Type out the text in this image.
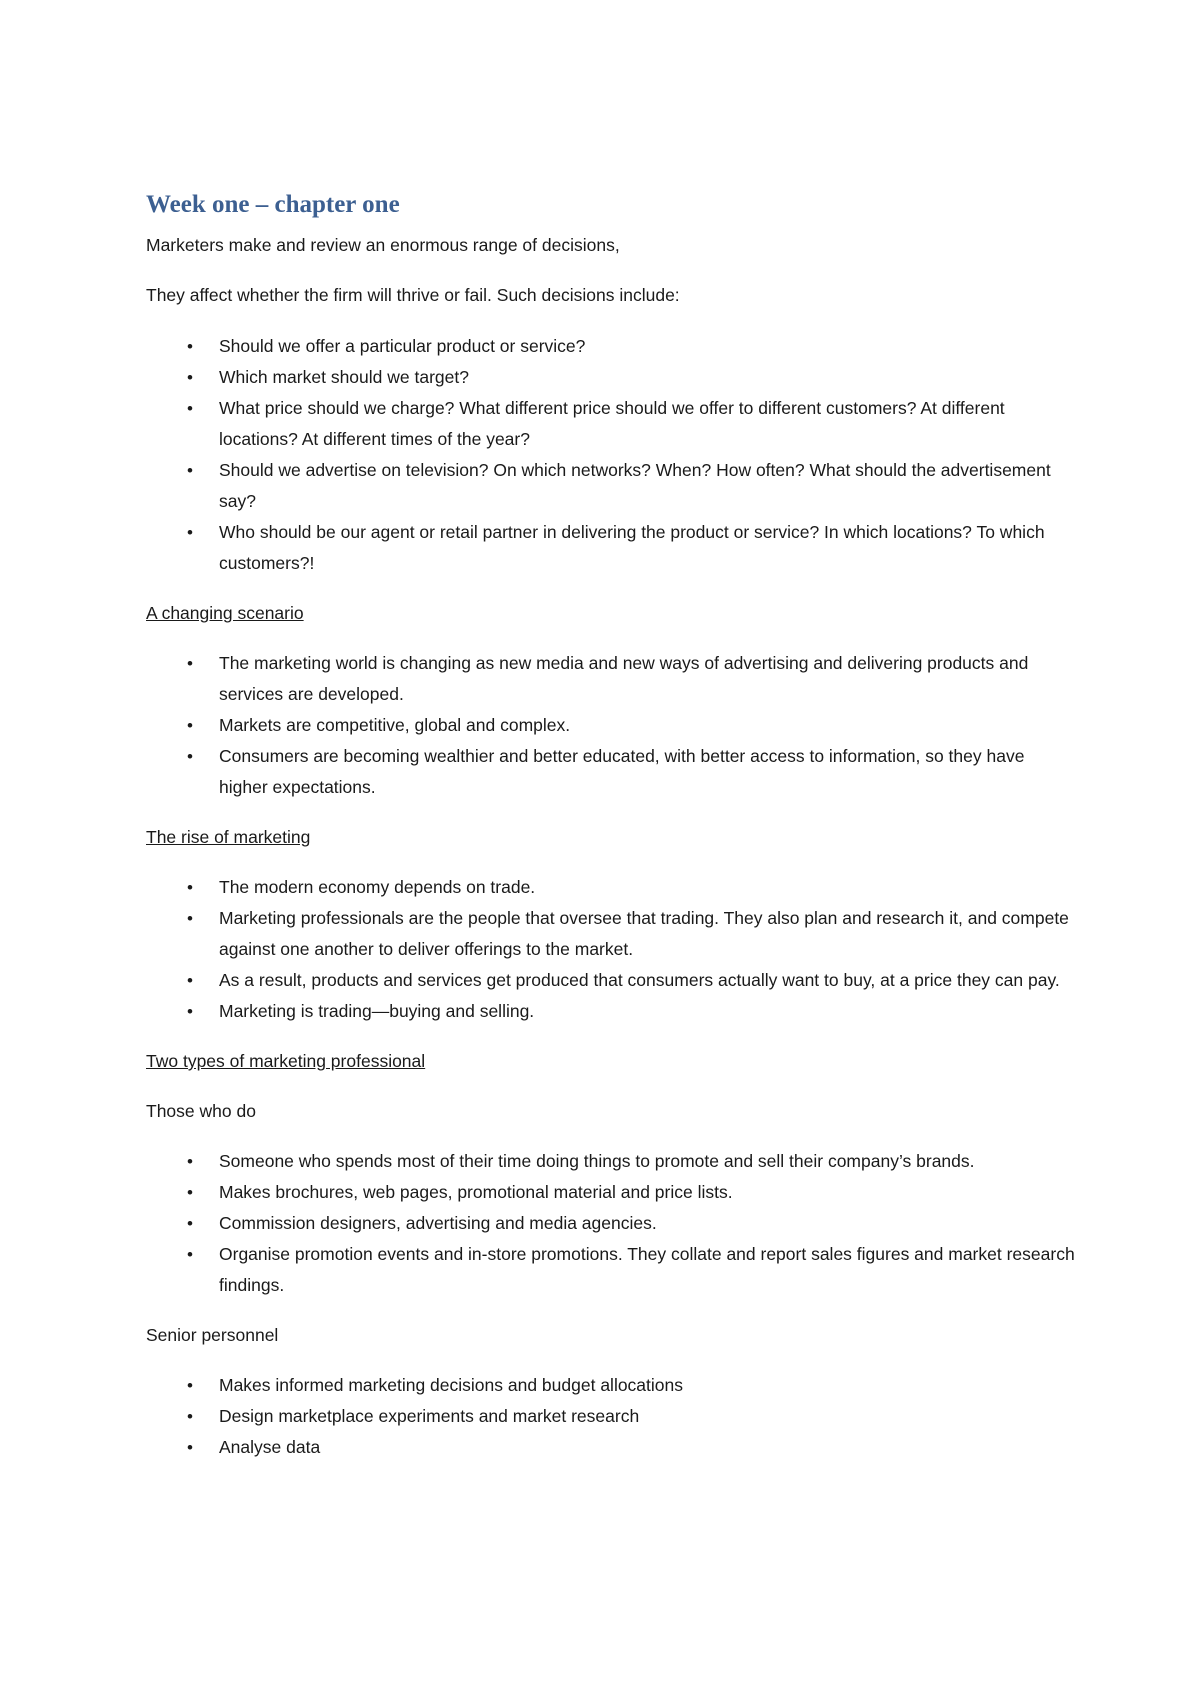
Week one – chapter one

Marketers make and review an enormous range of decisions,

They affect whether the firm will thrive or fail. Such decisions include:

• Should we offer a particular product or service?
• Which market should we target?
• What price should we charge? What different price should we offer to different customers? At different locations? At different times of the year?
• Should we advertise on television? On which networks? When? How often? What should the advertisement say?
• Who should be our agent or retail partner in delivering the product or service? In which locations? To which customers?!

A changing scenario

• The marketing world is changing as new media and new ways of advertising and delivering products and services are developed.
• Markets are competitive, global and complex.
• Consumers are becoming wealthier and better educated, with better access to information, so they have higher expectations.

The rise of marketing

• The modern economy depends on trade.
• Marketing professionals are the people that oversee that trading. They also plan and research it, and compete against one another to deliver offerings to the market.
• As a result, products and services get produced that consumers actually want to buy, at a price they can pay.
• Marketing is trading—buying and selling.

Two types of marketing professional

Those who do

• Someone who spends most of their time doing things to promote and sell their company’s brands.
• Makes brochures, web pages, promotional material and price lists.
• Commission designers, advertising and media agencies.
• Organise promotion events and in-store promotions. They collate and report sales figures and market research findings.

Senior personnel

• Makes informed marketing decisions and budget allocations
• Design marketplace experiments and market research
• Analyse data
